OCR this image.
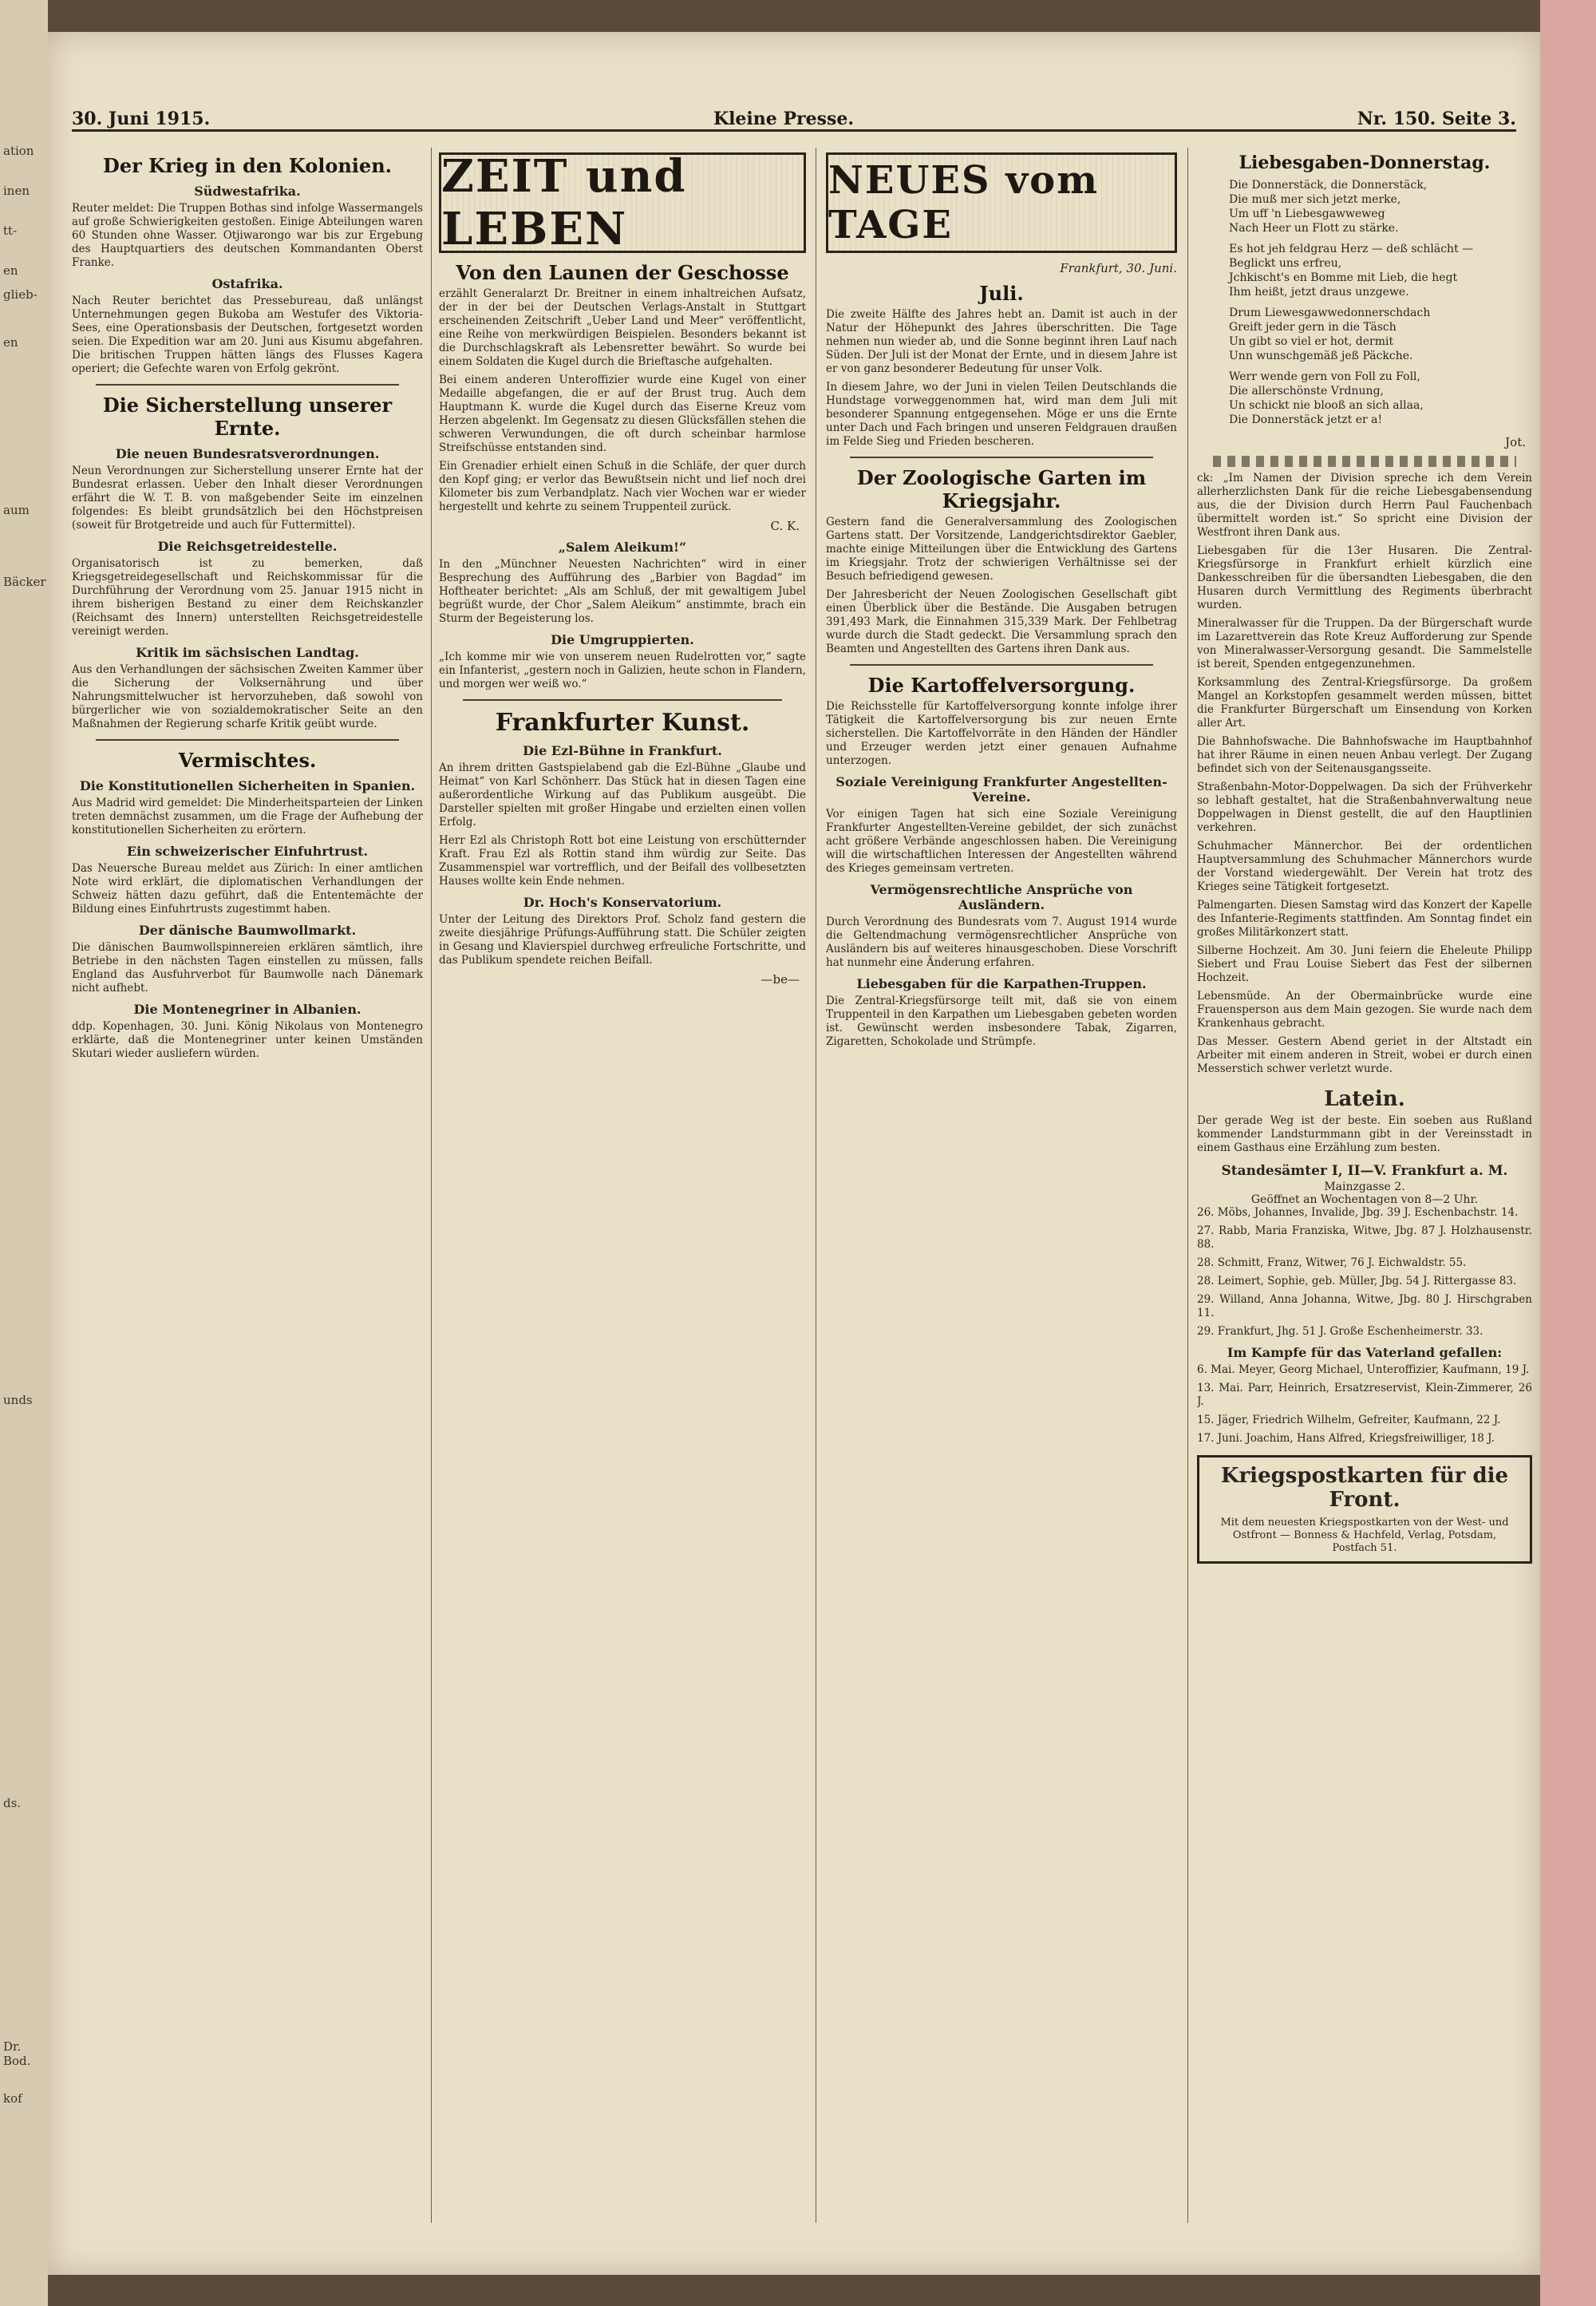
ation
inen
tt-
en
aum
glieb-
en
Bäcker
Dr. Bod.
unds
kof
ds.
30. Juni 1915.	Kleine Presse.	Nr. 150. Seite 3.
Der Krieg in den Kolonien.
Südwestafrika.

Reuter meldet: Die Truppen Bothas sind infolge Wassermangels auf große Schwierigkeiten gestoßen. Einige Abteilungen waren 60 Stunden ohne Wasser. Otjiwarongo war bis zur Ergebung des Hauptquartiers des deutschen Kommandanten Oberst Franke.

Ostafrika.

Nach Reuter berichtet das Pressebureau, daß unlängst Unternehmungen gegen Bukoba am Westufer des Viktoria-Sees, eine Operationsbasis der Deutschen, fortgesetzt worden seien. Die Expedition war am 20. Juni aus Kisumu abgefahren. Die britischen Truppen hätten längs des Flusses Kagera operiert; die Gefechte waren von Erfolg gekrönt.

Die Sicherstellung unserer Ernte.
Die neuen Bundesratsverordnungen.

Neun Verordnungen zur Sicherstellung unserer Ernte hat der Bundesrat erlassen. Ueber den Inhalt dieser Verordnungen erfährt die W. T. B. von maßgebender Seite im einzelnen folgendes: Es bleibt grundsätzlich bei den Höchstpreisen (soweit für Brotgetreide und auch für Futtermittel).

Die Reichsgetreidestelle.

Organisatorisch ist zu bemerken, daß Kriegsgetreidegesellschaft und Reichskommissar für die Durchführung der Verordnung vom 25. Januar 1915 nicht in ihrem bisherigen Bestand zu einer dem Reichskanzler (Reichsamt des Innern) unterstellten Reichsgetreidestelle vereinigt werden.

Kritik im sächsischen Landtag.

Aus den Verhandlungen der sächsischen Zweiten Kammer über die Sicherung der Volksernährung und über Nahrungsmittelwucher ist hervorzuheben, daß sowohl von bürgerlicher wie von sozialdemokratischer Seite an den Maßnahmen der Regierung scharfe Kritik geübt wurde.

Vermischtes.
Die Konstitutionellen Sicherheiten in Spanien.

Aus Madrid wird gemeldet: Die Minderheitsparteien der Linken treten demnächst zusammen, um die Frage der Aufhebung der konstitutionellen Sicherheiten zu erörtern.

Ein schweizerischer Einfuhrtrust.

Das Neuersche Bureau meldet aus Zürich: In einer amtlichen Note wird erklärt, die diplomatischen Verhandlungen der Schweiz hätten dazu geführt, daß die Ententemächte der Bildung eines Einfuhrtrusts zugestimmt haben.

Der dänische Baumwollmarkt.

Die dänischen Baumwollspinnereien erklären sämtlich, ihre Betriebe in den nächsten Tagen einstellen zu müssen, falls England das Ausfuhrverbot für Baumwolle nach Dänemark nicht aufhebt.

Die Montenegriner in Albanien.

ddp. Kopenhagen, 30. Juni. König Nikolaus von Montenegro erklärte, daß die Montenegriner unter keinen Umständen Skutari wieder ausliefern würden.

ZEIT und LEBEN
Von den Launen der Geschosse

erzählt Generalarzt Dr. Breitner in einem inhaltreichen Aufsatz, der in der bei der Deutschen Verlags-Anstalt in Stuttgart erscheinenden Zeitschrift „Ueber Land und Meer“ veröffentlicht, eine Reihe von merkwürdigen Beispielen. Besonders bekannt ist die Durchschlagskraft als Lebensretter bewährt. So wurde bei einem Soldaten die Kugel durch die Brieftasche aufgehalten.

Bei einem anderen Unteroffizier wurde eine Kugel von einer Medaille abgefangen, die er auf der Brust trug. Auch dem Hauptmann K. wurde die Kugel durch das Eiserne Kreuz vom Herzen abgelenkt. Im Gegensatz zu diesen Glücksfällen stehen die schweren Verwundungen, die oft durch scheinbar harmlose Streifschüsse entstanden sind.

Ein Grenadier erhielt einen Schuß in die Schläfe, der quer durch den Kopf ging; er verlor das Bewußtsein nicht und lief noch drei Kilometer bis zum Verbandplatz. Nach vier Wochen war er wieder hergestellt und kehrte zu seinem Truppenteil zurück.

C. K.
„Salem Aleikum!“

In den „Münchner Neuesten Nachrichten“ wird in einer Besprechung des Aufführung des „Barbier von Bagdad“ im Hoftheater berichtet: „Als am Schluß, der mit gewaltigem Jubel begrüßt wurde, der Chor „Salem Aleikum“ anstimmte, brach ein Sturm der Begeisterung los.

Die Umgruppierten.

„Ich komme mir wie von unserem neuen Rudelrotten vor,“ sagte ein Infanterist, „gestern noch in Galizien, heute schon in Flandern, und morgen wer weiß wo.“

Frankfurter Kunst.
Die Ezl-Bühne in Frankfurt.

An ihrem dritten Gastspielabend gab die Ezl-Bühne „Glaube und Heimat“ von Karl Schönherr. Das Stück hat in diesen Tagen eine außerordentliche Wirkung auf das Publikum ausgeübt. Die Darsteller spielten mit großer Hingabe und erzielten einen vollen Erfolg.

Herr Ezl als Christoph Rott bot eine Leistung von erschütternder Kraft. Frau Ezl als Rottin stand ihm würdig zur Seite. Das Zusammenspiel war vortrefflich, und der Beifall des vollbesetzten Hauses wollte kein Ende nehmen.

Dr. Hoch's Konservatorium.

Unter der Leitung des Direktors Prof. Scholz fand gestern die zweite diesjährige Prüfungs-Aufführung statt. Die Schüler zeigten in Gesang und Klavierspiel durchweg erfreuliche Fortschritte, und das Publikum spendete reichen Beifall.

—be—
NEUES vom TAGE
Frankfurt, 30. Juni.
Juli.

Die zweite Hälfte des Jahres hebt an. Damit ist auch in der Natur der Höhepunkt des Jahres überschritten. Die Tage nehmen nun wieder ab, und die Sonne beginnt ihren Lauf nach Süden. Der Juli ist der Monat der Ernte, und in diesem Jahre ist er von ganz besonderer Bedeutung für unser Volk.

In diesem Jahre, wo der Juni in vielen Teilen Deutschlands die Hundstage vorweggenommen hat, wird man dem Juli mit besonderer Spannung entgegensehen. Möge er uns die Ernte unter Dach und Fach bringen und unseren Feldgrauen draußen im Felde Sieg und Frieden bescheren.

Der Zoologische Garten im Kriegsjahr.

Gestern fand die Generalversammlung des Zoologischen Gartens statt. Der Vorsitzende, Landgerichtsdirektor Gaebler, machte einige Mitteilungen über die Entwicklung des Gartens im Kriegsjahr. Trotz der schwierigen Verhältnisse sei der Besuch befriedigend gewesen.

Der Jahresbericht der Neuen Zoologischen Gesellschaft gibt einen Überblick über die Bestände. Die Ausgaben betrugen 391,493 Mark, die Einnahmen 315,339 Mark. Der Fehlbetrag wurde durch die Stadt gedeckt. Die Versammlung sprach den Beamten und Angestellten des Gartens ihren Dank aus.

Die Kartoffelversorgung.

Die Reichsstelle für Kartoffelversorgung konnte infolge ihrer Tätigkeit die Kartoffelversorgung bis zur neuen Ernte sicherstellen. Die Kartoffelvorräte in den Händen der Händler und Erzeuger werden jetzt einer genauen Aufnahme unterzogen.

Soziale Vereinigung Frankfurter Angestellten-Vereine.

Vor einigen Tagen hat sich eine Soziale Vereinigung Frankfurter Angestellten-Vereine gebildet, der sich zunächst acht größere Verbände angeschlossen haben. Die Vereinigung will die wirtschaftlichen Interessen der Angestellten während des Krieges gemeinsam vertreten.

Vermögensrechtliche Ansprüche von Ausländern.

Durch Verordnung des Bundesrats vom 7. August 1914 wurde die Geltendmachung vermögensrechtlicher Ansprüche von Ausländern bis auf weiteres hinausgeschoben. Diese Vorschrift hat nunmehr eine Änderung erfahren.

Liebesgaben für die Karpathen-Truppen.

Die Zentral-Kriegsfürsorge teilt mit, daß sie von einem Truppenteil in den Karpathen um Liebesgaben gebeten worden ist. Gewünscht werden insbesondere Tabak, Zigarren, Zigaretten, Schokolade und Strümpfe.

Liebesgaben-Donnerstag.
Die Donnerstäck, die Donnerstäck,
Die muß mer sich jetzt merke,
Um uff 'n Liebesgawweweg
Nach Heer un Flott zu stärke.
Es hot jeh feldgrau Herz — deß schlächt —
Beglickt uns erfreu,
Jchkischt's en Bomme mit Lieb, die hegt
Ihm heißt, jetzt draus unzgewe.
Drum Liewesgawwedonnerschdach
Greift jeder gern in die Täsch
Un gibt so viel er hot, dermit
Unn wunschgemäß jeß Päckche.
Werr wende gern von Foll zu Foll,
Die allerschönste Vrdnung,
Un schickt nie blooß an sich allaa,
Die Donnerstäck jetzt er a!
Jot.

ck: „Im Namen der Division spreche ich dem Verein allerherzlichsten Dank für die reiche Liebesgabensendung aus, die der Division durch Herrn Paul Fauchenbach übermittelt worden ist.“ So spricht eine Division der Westfront ihren Dank aus.

Liebesgaben für die 13er Husaren. Die Zentral-Kriegsfürsorge in Frankfurt erhielt kürzlich eine Dankesschreiben für die übersandten Liebesgaben, die den Husaren durch Vermittlung des Regiments überbracht wurden.

Mineralwasser für die Truppen. Da der Bürgerschaft wurde im Lazarettverein das Rote Kreuz Aufforderung zur Spende von Mineralwasser-Versorgung gesandt. Die Sammelstelle ist bereit, Spenden entgegenzunehmen.

Korksammlung des Zentral-Kriegsfürsorge. Da großem Mangel an Korkstopfen gesammelt werden müssen, bittet die Frankfurter Bürgerschaft um Einsendung von Korken aller Art.

Die Bahnhofswache. Die Bahnhofswache im Hauptbahnhof hat ihrer Räume in einen neuen Anbau verlegt. Der Zugang befindet sich von der Seitenausgangsseite.

Straßenbahn-Motor-Doppelwagen. Da sich der Frühverkehr so lebhaft gestaltet, hat die Straßenbahnverwaltung neue Doppelwagen in Dienst gestellt, die auf den Hauptlinien verkehren.

Schuhmacher Männerchor. Bei der ordentlichen Hauptversammlung des Schuhmacher Männerchors wurde der Vorstand wiedergewählt. Der Verein hat trotz des Krieges seine Tätigkeit fortgesetzt.

Palmengarten. Diesen Samstag wird das Konzert der Kapelle des Infanterie-Regiments stattfinden. Am Sonntag findet ein großes Militärkonzert statt.

Silberne Hochzeit. Am 30. Juni feiern die Eheleute Philipp Siebert und Frau Louise Siebert das Fest der silbernen Hochzeit.

Lebensmüde. An der Obermainbrücke wurde eine Frauensperson aus dem Main gezogen. Sie wurde nach dem Krankenhaus gebracht.

Das Messer. Gestern Abend geriet in der Altstadt ein Arbeiter mit einem anderen in Streit, wobei er durch einen Messerstich schwer verletzt wurde.

Latein.

Der gerade Weg ist der beste. Ein soeben aus Rußland kommender Landsturmmann gibt in der Vereinsstadt in einem Gasthaus eine Erzählung zum besten.

Standesämter I, II—V. Frankfurt a. M.

Mainzgasse 2.

Geöffnet an Wochentagen von 8—2 Uhr.

26. Möbs, Johannes, Invalide, Jbg. 39 J. Eschenbachstr. 14.

27. Rabb, Maria Franziska, Witwe, Jbg. 87 J. Holzhausenstr. 88.

28. Schmitt, Franz, Witwer, 76 J. Eichwaldstr. 55.

28. Leimert, Sophie, geb. Müller, Jbg. 54 J. Rittergasse 83.

29. Willand, Anna Johanna, Witwe, Jbg. 80 J. Hirschgraben 11.

29. Frankfurt, Jhg. 51 J. Große Eschenheimerstr. 33.

Im Kampfe für das Vaterland gefallen:

6. Mai. Meyer, Georg Michael, Unteroffizier, Kaufmann, 19 J.

13. Mai. Parr, Heinrich, Ersatzreservist, Klein-Zimmerer, 26 J.

15. Jäger, Friedrich Wilhelm, Gefreiter, Kaufmann, 22 J.

17. Juni. Joachim, Hans Alfred, Kriegsfreiwilliger, 18 J.

Kriegspostkarten für die Front.
Mit dem neuesten Kriegspostkarten von der West- und Ostfront — Bonness & Hachfeld, Verlag, Potsdam, Postfach 51.
